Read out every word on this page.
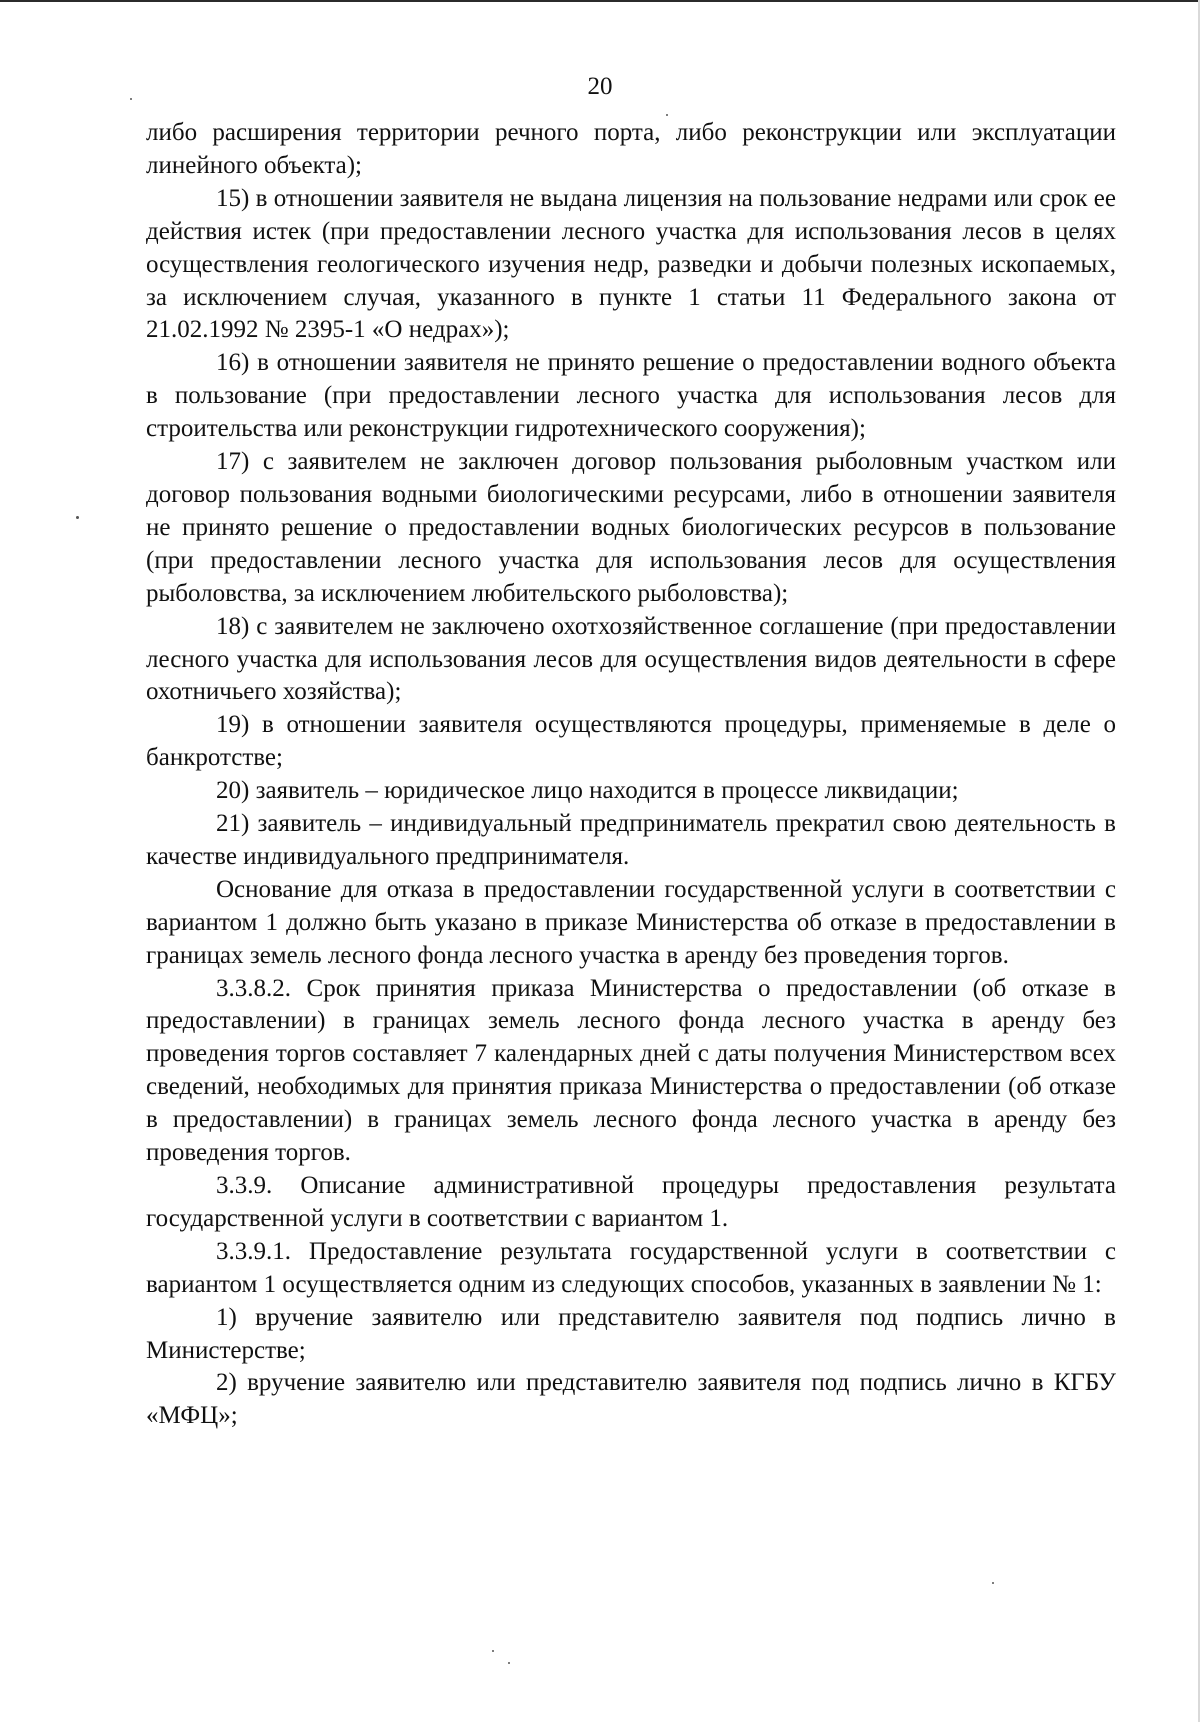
20

либо расширения территории речного порта, либо реконструкции или эксплуатации линейного объекта);

15) в отношении заявителя не выдана лицензия на пользование недрами или срок ее действия истек (при предоставлении лесного участка для использования лесов в целях осуществления геологического изучения недр, разведки и добычи полезных ископаемых, за исключением случая, указанного в пункте 1 статьи 11 Федерального закона от 21.02.1992 № 2395-1 «О недрах»);

16) в отношении заявителя не принято решение о предоставлении водного объекта в пользование (при предоставлении лесного участка для использования лесов для строительства или реконструкции гидротехнического сооружения);

17) с заявителем не заключен договор пользования рыболовным участком или договор пользования водными биологическими ресурсами, либо в отношении заявителя не принято решение о предоставлении водных биологических ресурсов в пользование (при предоставлении лесного участка для использования лесов для осуществления рыболовства, за исключением любительского рыболовства);

18) с заявителем не заключено охотхозяйственное соглашение (при предоставлении лесного участка для использования лесов для осуществления видов деятельности в сфере охотничьего хозяйства);

19) в отношении заявителя осуществляются процедуры, применяемые в деле о банкротстве;

20) заявитель – юридическое лицо находится в процессе ликвидации;

21) заявитель – индивидуальный предприниматель прекратил свою деятельность в качестве индивидуального предпринимателя.

Основание для отказа в предоставлении государственной услуги в соответствии с вариантом 1 должно быть указано в приказе Министерства об отказе в предоставлении в границах земель лесного фонда лесного участка в аренду без проведения торгов.

3.3.8.2. Срок принятия приказа Министерства о предоставлении (об отказе в предоставлении) в границах земель лесного фонда лесного участка в аренду без проведения торгов составляет 7 календарных дней с даты получения Министерством всех сведений, необходимых для принятия приказа Министерства о предоставлении (об отказе в предоставлении) в границах земель лесного фонда лесного участка в аренду без проведения торгов.

3.3.9. Описание административной процедуры предоставления результата государственной услуги в соответствии с вариантом 1.

3.3.9.1. Предоставление результата государственной услуги в соответствии с вариантом 1 осуществляется одним из следующих способов, указанных в заявлении № 1:

1) вручение заявителю или представителю заявителя под подпись лично в Министерстве;

2) вручение заявителю или представителю заявителя под подпись лично в КГБУ «МФЦ»;
